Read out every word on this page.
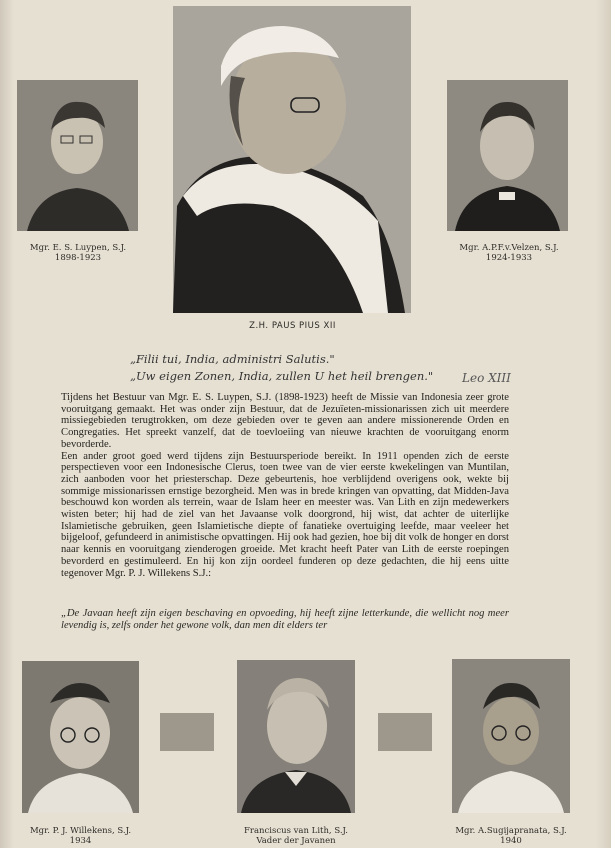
Mgr. E. S. Luypen, S.J.
1898-1923
Z.H. PAUS PIUS XII
Mgr. A.P.F.v.Velzen, S.J.
1924-1933
„Filii tui, India, administri Salutis."
„Uw eigen Zonen, India, zullen U het heil brengen." Leo XIII

Tijdens het Bestuur van Mgr. E. S. Luypen, S.J. (1898-1923) heeft de Missie van Indonesia zeer grote vooruitgang gemaakt. Het was onder zijn Bestuur, dat de Jezuïeten-missionarissen zich uit meerdere missiegebieden terugtrokken, om deze gebieden over te geven aan andere missionerende Orden en Congregaties. Het spreekt vanzelf, dat de toevloeiing van nieuwe krachten de vooruitgang enorm bevorderde.

Een ander groot goed werd tijdens zijn Bestuursperiode bereikt. In 1911 openden zich de eerste perspectieven voor een Indonesische Clerus, toen twee van de vier eerste kwekelingen van Muntilan, zich aanboden voor het priesterschap. Deze gebeurtenis, hoe verblijdend overigens ook, wekte bij sommige missionarissen ernstige bezorgheid. Men was in brede kringen van opvatting, dat Midden-Java beschouwd kon worden als terrein, waar de Islam heer en meester was. Van Lith en zijn medewerkers wisten beter; hij had de ziel van het Javaanse volk doorgrond, hij wist, dat achter de uiterlijke Islamietische gebruiken, geen Islamietische diepte of fanatieke overtuiging leefde, maar veeleer het bijgeloof, gefundeerd in animistische opvattingen. Hij ook had gezien, hoe bij dit volk de honger en dorst naar kennis en vooruitgang zienderogen groeide. Met kracht heeft Pater van Lith de eerste roepingen bevorderd en gestimuleerd. En hij kon zijn oordeel funderen op deze gedachten, die hij eens uitte tegenover Mgr. P. J. Willekens S.J.:

„De Javaan heeft zijn eigen beschaving en opvoeding, hij heeft zijne letterkunde, die wellicht nog meer levendig is, zelfs onder het gewone volk, dan men dit elders ter
Mgr. P. J. Willekens, S.J.
1934
Franciscus van Lith, S.J.
Vader der Javanen
Mgr. A.Sugijapranata, S.J.
1940
